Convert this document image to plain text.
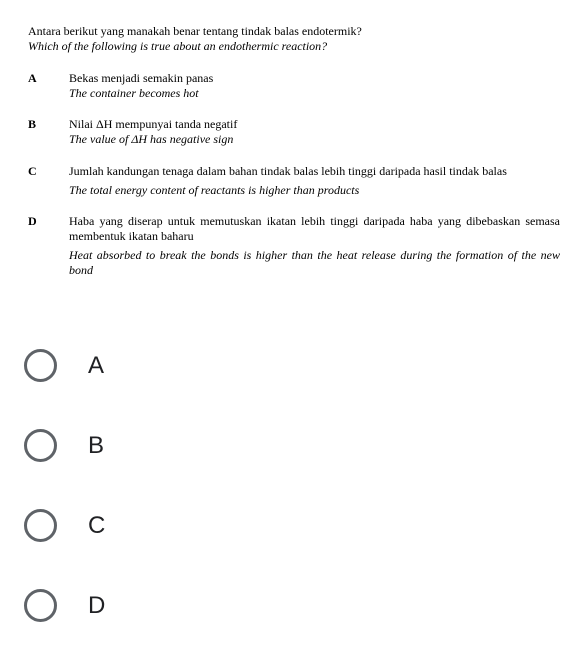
Antara berikut yang manakah benar tentang tindak balas endotermik?
Which of the following is true about an endothermic reaction?
A	Bekas menjadi semakin panas
The container becomes hot
B	Nilai ΔH mempunyai tanda negatif
The value of ΔH has negative sign
C	Jumlah kandungan tenaga dalam bahan tindak balas lebih tinggi daripada hasil tindak balas
The total energy content of reactants is higher than products
D	Haba yang diserap untuk memutuskan ikatan lebih tinggi daripada haba yang dibebaskan semasa membentuk ikatan baharu
Heat absorbed to break the bonds is higher than the heat release during the formation of the new bond
A
B
C
D
